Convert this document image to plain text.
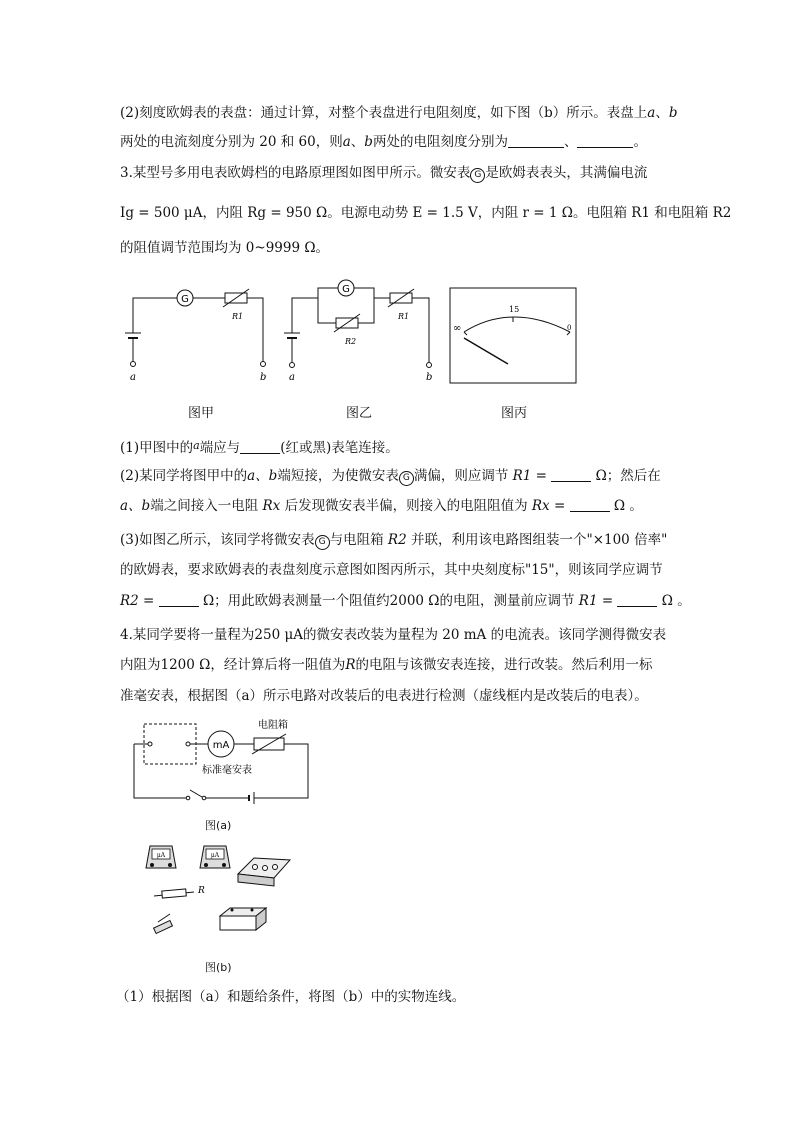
(2)刻度欧姆表的表盘：通过计算，对整个表盘进行电阻刻度，如下图（b）所示。表盘上a、b
两处的电流刻度分别为 20 和 60，则a、b两处的电阻刻度分别为	、	。
3.某型号多用电表欧姆档的电路原理图如图甲所示。微安表 G 是欧姆表表头，其满偏电流
Ig = 500 μA，内阻 Rg = 950 Ω。电源电动势 E = 1.5 V，内阻 r = 1 Ω。电阻箱 R1 和电阻箱 R2
的阻值调节范围均为 0~9999 Ω。
G
R1
a	b
G
R2
R1
a	b
15
∞	0
图甲	图乙	图丙
(1)甲图中的$^a$端应与	(红或黑)表笔连接。
(2)某同学将图甲中的a、b端短接，为使微安表 G 满偏，则应调节 R1 =	Ω；然后在
a、b端之间接入一电阻 Rx 后发现微安表半偏，则接入的电阻阻值为 Rx =	Ω 。
(3)如图乙所示，该同学将微安表 G 与电阻箱 R2 并联，利用该电路图组装一个"×100 倍率"
的欧姆表，要求欧姆表的表盘刻度示意图如图丙所示，其中央刻度标"15"，则该同学应调节
R2 =	Ω；用此欧姆表测量一个阻值约2000 Ω的电阻，测量前应调节 R1 =	Ω 。
4.某同学要将一量程为250 μA的微安表改装为量程为 20 mA 的电流表。该同学测得微安表
内阻为1200 Ω，经计算后将一阻值为R的电阻与该微安表连接，进行改装。然后利用一标
准毫安表，根据图（a）所示电路对改装后的电表进行检测（虚线框内是改装后的电表）。
mA
电阻箱
标准毫安表
图(a)
μA	μA
R
图(b)
（1）根据图（a）和题给条件，将图（b）中的实物连线。
